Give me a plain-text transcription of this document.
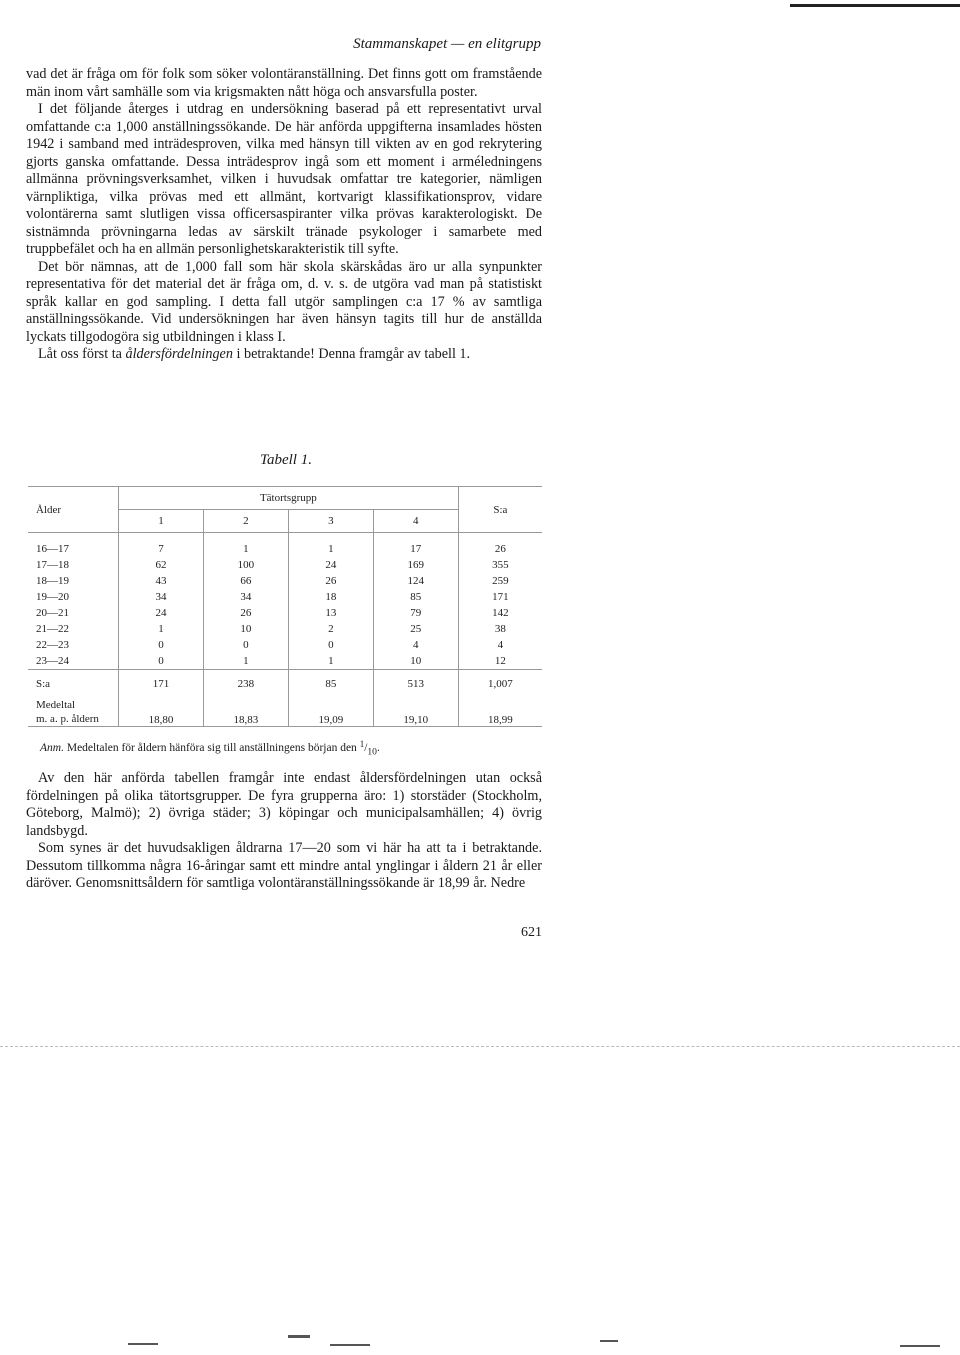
Stammanskapet — en elitgrupp

vad det är fråga om för folk som söker volontäranställning. Det finns gott om framstående män inom vårt samhälle som via krigsmakten nått höga och ansvarsfulla poster.

I det följande återges i utdrag en undersökning baserad på ett representativt urval omfattande c:a 1,000 anställningssökande. De här anförda uppgifterna insamlades hösten 1942 i samband med inträdesproven, vilka med hänsyn till vikten av en god rekrytering gjorts ganska omfattande. Dessa inträdesprov ingå som ett moment i arméledningens allmänna prövningsverksamhet, vilken i huvudsak omfattar tre kategorier, nämligen värnpliktiga, vilka prövas med ett allmänt, kortvarigt klassifikationsprov, vidare volontärerna samt slutligen vissa officersaspiranter vilka prövas karakterologiskt. De sistnämnda prövningarna ledas av särskilt tränade psykologer i samarbete med truppbefälet och ha en allmän personlighetskarakteristik till syfte.

Det bör nämnas, att de 1,000 fall som här skola skärskådas äro ur alla synpunkter representativa för det material det är fråga om, d. v. s. de utgöra vad man på statistiskt språk kallar en god sampling. I detta fall utgör samplingen c:a 17 % av samtliga anställningssökande. Vid undersökningen har även hänsyn tagits till hur de anställda lyckats tillgodogöra sig utbildningen i klass I.

Låt oss först ta åldersfördelningen i betraktande! Denna framgår av tabell 1.

Tabell 1.
Ålder	Tätortsgrupp				S:a
	1	2	3	4	

16—17	7	1	1	17	26
17—18	62	100	24	169	355
18—19	43	66	26	124	259
19—20	34	34	18	85	171
20—21	24	26	13	79	142
21—22	1	10	2	25	38
22—23	0	0	0	4	4
23—24	0	1	1	10	12

S:a	171	238	85	513	1,007

Medeltal
m. a. p. åldern	18,80	18,83	19,09	19,10	18,99
Anm. Medeltalen för åldern hänföra sig till anställningens början den $^1/_{10}$.

Av den här anförda tabellen framgår inte endast åldersfördelningen utan också fördelningen på olika tätortsgrupper. De fyra grupperna äro: 1) storstäder (Stockholm, Göteborg, Malmö); 2) övriga städer; 3) köpingar och municipalsamhällen; 4) övrig landsbygd.

Som synes är det huvudsakligen åldrarna 17—20 som vi här ha att ta i betraktande. Dessutom tillkomma några 16-åringar samt ett mindre antal ynglingar i åldern 21 år eller däröver. Genomsnittsåldern för samtliga volontäranställningssökande är 18,99 år. Nedre

621
